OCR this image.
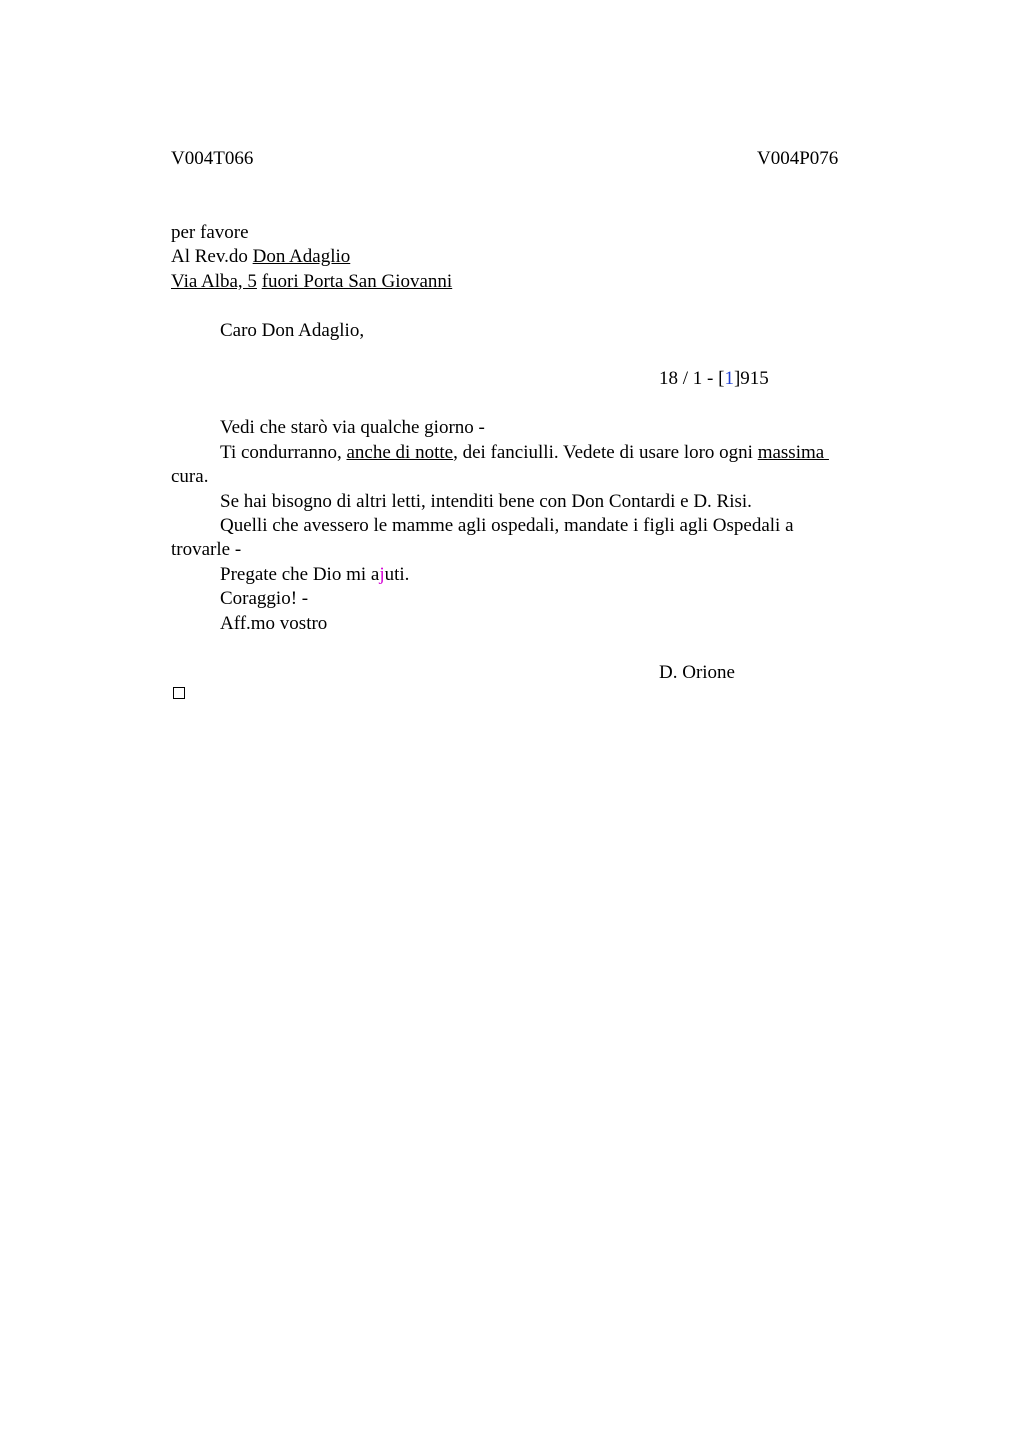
V004T066	V004P076
per favore
Al Rev.do Don Adaglio
Via Alba, 5 fuori Porta San Giovanni
Caro Don Adaglio,
18 / 1 - [1]915
Vedi che starò via qualche giorno -
Ti condurranno, anche di notte, dei fanciulli. Vedete di usare loro ogni massima
cura.
Se hai bisogno di altri letti, intenditi bene con Don Contardi e D. Risi.
Quelli che avessero le mamme agli ospedali, mandate i figli agli Ospedali a
trovarle -
Pregate che Dio mi ajuti.
Coraggio! -
Aff.mo vostro
D. Orione
